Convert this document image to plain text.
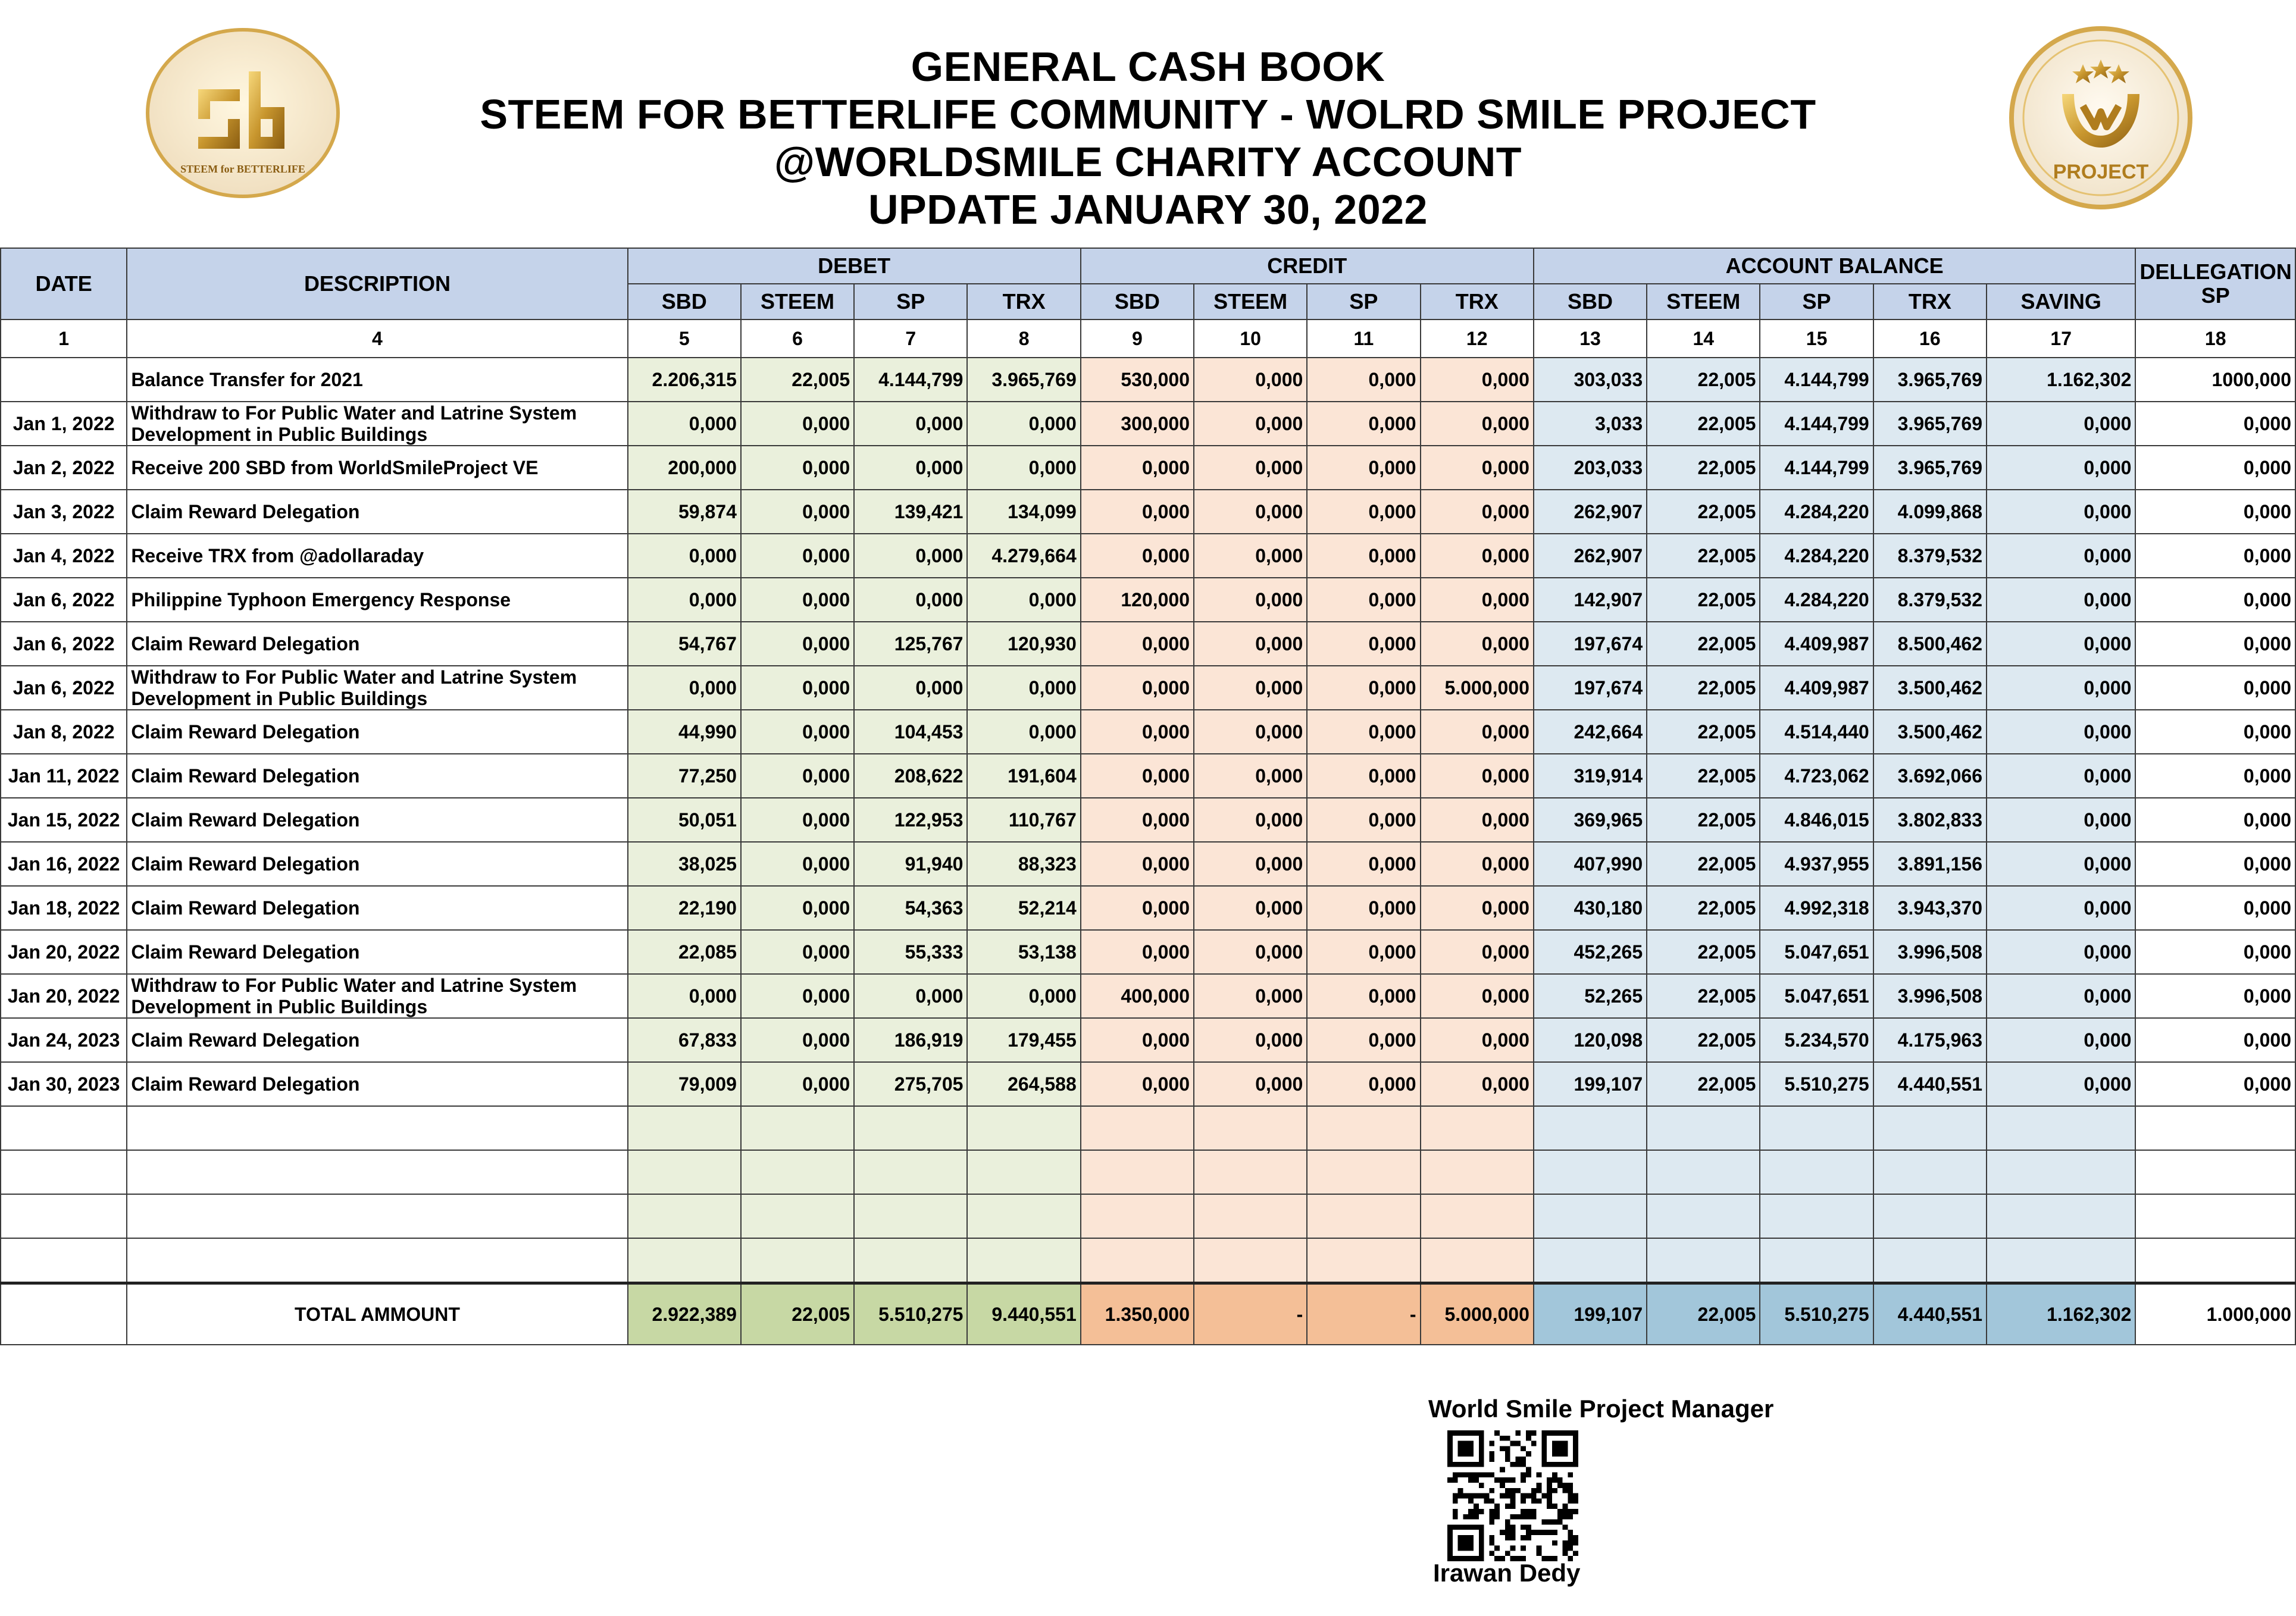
GENERAL CASH BOOK
STEEM FOR BETTERLIFE COMMUNITY - WOLRD SMILE PROJECT
@WORLDSMILE CHARITY ACCOUNT
UPDATE JANUARY 30, 2022
STEEM for BETTERLIFE	PROJECT
DATE	DESCRIPTION	DEBET				CREDIT				ACCOUNT BALANCE					DELLEGATION SP
		SBD	STEEM	SP	TRX	SBD	STEEM	SP	TRX	SBD	STEEM	SP	TRX	SAVING	
1	4	5	6	7	8	9	10	11	12	13	14	15	16	17	18
	Balance Transfer for 2021	2.206,315	22,005	4.144,799	3.965,769	530,000	0,000	0,000	0,000	303,033	22,005	4.144,799	3.965,769	1.162,302	1000,000
Jan 1, 2022	Withdraw to For Public Water and Latrine System Development in Public Buildings	0,000	0,000	0,000	0,000	300,000	0,000	0,000	0,000	3,033	22,005	4.144,799	3.965,769	0,000	0,000
Jan 2, 2022	Receive 200 SBD from WorldSmileProject VE	200,000	0,000	0,000	0,000	0,000	0,000	0,000	0,000	203,033	22,005	4.144,799	3.965,769	0,000	0,000
Jan 3, 2022	Claim Reward Delegation	59,874	0,000	139,421	134,099	0,000	0,000	0,000	0,000	262,907	22,005	4.284,220	4.099,868	0,000	0,000
Jan 4, 2022	Receive TRX from @adollaraday	0,000	0,000	0,000	4.279,664	0,000	0,000	0,000	0,000	262,907	22,005	4.284,220	8.379,532	0,000	0,000
Jan 6, 2022	Philippine Typhoon Emergency Response	0,000	0,000	0,000	0,000	120,000	0,000	0,000	0,000	142,907	22,005	4.284,220	8.379,532	0,000	0,000
Jan 6, 2022	Claim Reward Delegation	54,767	0,000	125,767	120,930	0,000	0,000	0,000	0,000	197,674	22,005	4.409,987	8.500,462	0,000	0,000
Jan 6, 2022	Withdraw to For Public Water and Latrine System Development in Public Buildings	0,000	0,000	0,000	0,000	0,000	0,000	0,000	5.000,000	197,674	22,005	4.409,987	3.500,462	0,000	0,000
Jan 8, 2022	Claim Reward Delegation	44,990	0,000	104,453	0,000	0,000	0,000	0,000	0,000	242,664	22,005	4.514,440	3.500,462	0,000	0,000
Jan 11, 2022	Claim Reward Delegation	77,250	0,000	208,622	191,604	0,000	0,000	0,000	0,000	319,914	22,005	4.723,062	3.692,066	0,000	0,000
Jan 15, 2022	Claim Reward Delegation	50,051	0,000	122,953	110,767	0,000	0,000	0,000	0,000	369,965	22,005	4.846,015	3.802,833	0,000	0,000
Jan 16, 2022	Claim Reward Delegation	38,025	0,000	91,940	88,323	0,000	0,000	0,000	0,000	407,990	22,005	4.937,955	3.891,156	0,000	0,000
Jan 18, 2022	Claim Reward Delegation	22,190	0,000	54,363	52,214	0,000	0,000	0,000	0,000	430,180	22,005	4.992,318	3.943,370	0,000	0,000
Jan 20, 2022	Claim Reward Delegation	22,085	0,000	55,333	53,138	0,000	0,000	0,000	0,000	452,265	22,005	5.047,651	3.996,508	0,000	0,000
Jan 20, 2022	Withdraw to For Public Water and Latrine System Development in Public Buildings	0,000	0,000	0,000	0,000	400,000	0,000	0,000	0,000	52,265	22,005	5.047,651	3.996,508	0,000	0,000
Jan 24, 2023	Claim Reward Delegation	67,833	0,000	186,919	179,455	0,000	0,000	0,000	0,000	120,098	22,005	5.234,570	4.175,963	0,000	0,000
Jan 30, 2023	Claim Reward Delegation	79,009	0,000	275,705	264,588	0,000	0,000	0,000	0,000	199,107	22,005	5.510,275	4.440,551	0,000	0,000

	TOTAL AMMOUNT	2.922,389	22,005	5.510,275	9.440,551	1.350,000	-	-	5.000,000	199,107	22,005	5.510,275	4.440,551	1.162,302	1.000,000
World Smile Project Manager
Irawan Dedy
